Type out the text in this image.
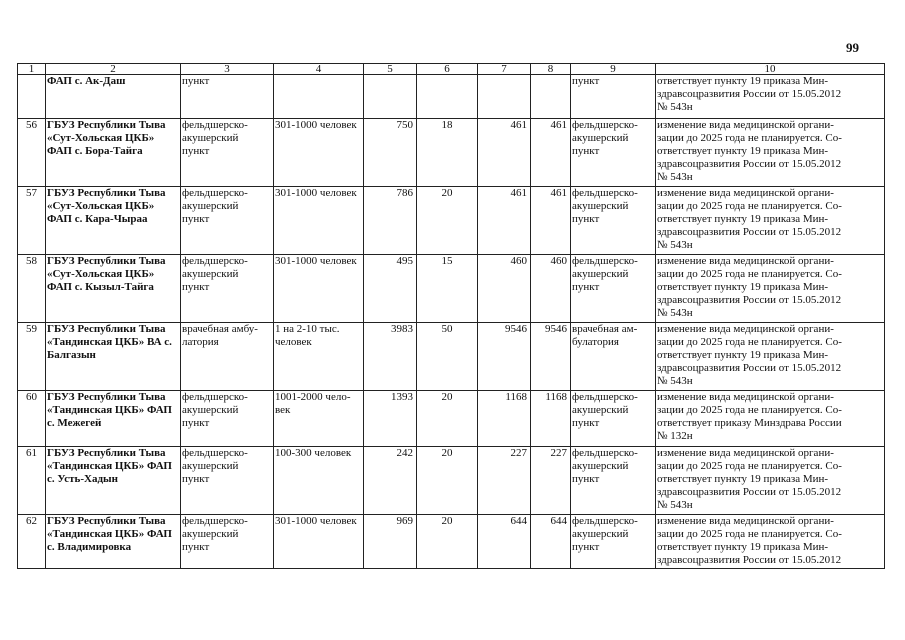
99
1	2	3	4	5	6	7	8	9	10
	ФАП с. Ак-Даш	пункт						пункт	ответствует пункту 19 приказа Мин-
здравсоцразвития России от 15.05.2012
№ 543н
56	ГБУЗ Республики Тыва
«Сут-Хольская ЦКБ»
ФАП с. Бора-Тайга	фельдшерско-
акушерский
пункт	301-1000 человек	750	18	461	461	фельдшерско-
акушерский
пункт	изменение вида медицинской органи-
зации до 2025 года не планируется. Со-
ответствует пункту 19 приказа Мин-
здравсоцразвития России от 15.05.2012
№ 543н
57	ГБУЗ Республики Тыва
«Сут-Хольская ЦКБ»
ФАП с. Кара-Чыраа	фельдшерско-
акушерский
пункт	301-1000 человек	786	20	461	461	фельдшерско-
акушерский
пункт	изменение вида медицинской органи-
зации до 2025 года не планируется. Со-
ответствует пункту 19 приказа Мин-
здравсоцразвития России от 15.05.2012
№ 543н
58	ГБУЗ Республики Тыва
«Сут-Хольская ЦКБ»
ФАП с. Кызыл-Тайга	фельдшерско-
акушерский
пункт	301-1000 человек	495	15	460	460	фельдшерско-
акушерский
пункт	изменение вида медицинской органи-
зации до 2025 года не планируется. Со-
ответствует пункту 19 приказа Мин-
здравсоцразвития России от 15.05.2012
№ 543н
59	ГБУЗ Республики Тыва
«Тандинская ЦКБ» ВА с.
Балгазын	врачебная амбу-
латория	1 на 2-10 тыс.
человек	3983	50	9546	9546	врачебная ам-
булатория	изменение вида медицинской органи-
зации до 2025 года не планируется. Со-
ответствует пункту 19 приказа Мин-
здравсоцразвития России от 15.05.2012
№ 543н
60	ГБУЗ Республики Тыва
«Тандинская ЦКБ» ФАП
с. Межегей	фельдшерско-
акушерский
пункт	1001-2000 чело-
век	1393	20	1168	1168	фельдшерско-
акушерский
пункт	изменение вида медицинской органи-
зации до 2025 года не планируется. Со-
ответствует приказу Минздрава России
№ 132н
61	ГБУЗ Республики Тыва
«Тандинская ЦКБ» ФАП
с. Усть-Хадын	фельдшерско-
акушерский
пункт	100-300 человек	242	20	227	227	фельдшерско-
акушерский
пункт	изменение вида медицинской органи-
зации до 2025 года не планируется. Со-
ответствует пункту 19 приказа Мин-
здравсоцразвития России от 15.05.2012
№ 543н
62	ГБУЗ Республики Тыва
«Тандинская ЦКБ» ФАП
с. Владимировка	фельдшерско-
акушерский
пункт	301-1000 человек	969	20	644	644	фельдшерско-
акушерский
пункт	изменение вида медицинской органи-
зации до 2025 года не планируется. Со-
ответствует пункту 19 приказа Мин-
здравсоцразвития России от 15.05.2012
